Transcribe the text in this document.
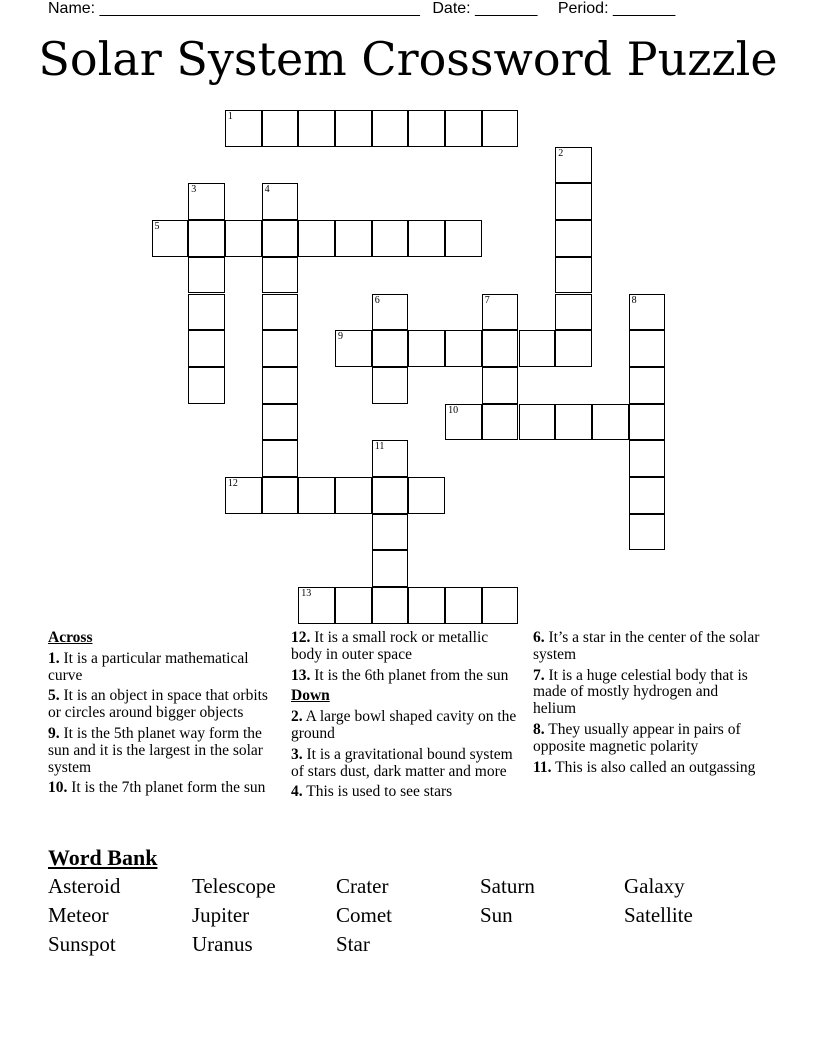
Name: ____________________________________ Date: _______ Period: _______
Solar System Crossword Puzzle
1
2
3	4
5
6	7	8
9
10
11
12
13
Across

1. It is a particular mathematical curve

5. It is an object in space that orbits or circles around bigger objects

9. It is the 5th planet way form the sun and it is the largest in the solar system

10. It is the 7th planet form the sun

12. It is a small rock or metallic body in outer space

13. It is the 6th planet from the sun

Down

2. A large bowl shaped cavity on the ground

3. It is a gravitational bound system of stars dust, dark matter and more

4. This is used to see stars

6. It’s a star in the center of the solar system

7. It is a huge celestial body that is made of mostly hydrogen and helium

8. They usually appear in pairs of opposite magnetic polarity

11. This is also called an outgassing

Word Bank
Asteroid	Telescope	Crater	Saturn	Galaxy
Meteor	Jupiter	Comet	Sun	Satellite
Sunspot	Uranus	Star
